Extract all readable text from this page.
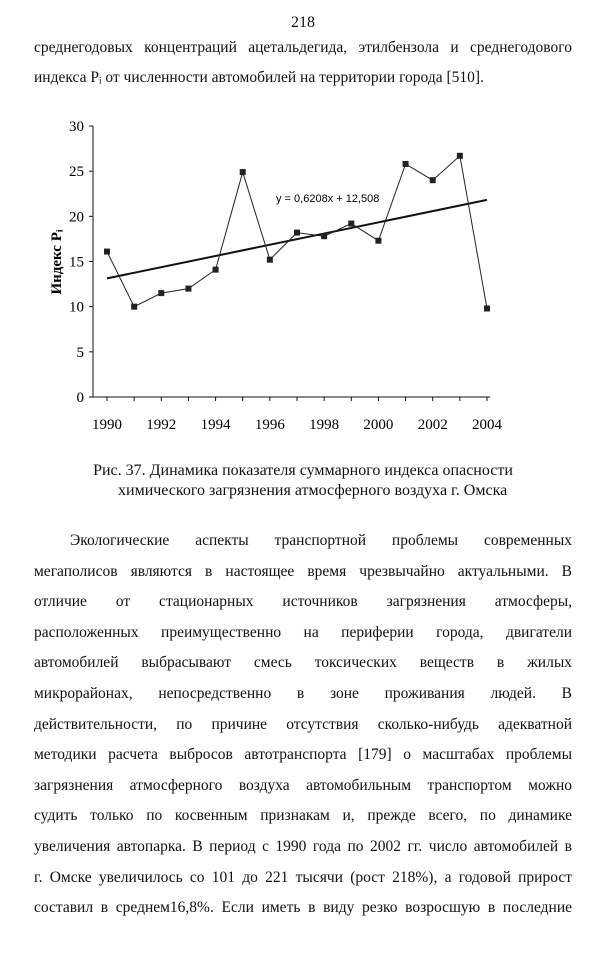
218
среднегодовых концентраций ацетальдегида, этилбензола и среднегодового
индекса Pᵢ от численности автомобилей на территории города [510].
0
5
10
15
20
25
30
1990 1992 1994 1996 1998 2000 2002 2004
y = 0,6208x + 12,508
Индекс Pᵢ
Рис. 37. Динамика показателя суммарного индекса опасности
химического загрязнения атмосферного воздуха г. Омска
Экологические аспекты транспортной проблемы современных
мегаполисов являются в настоящее время чрезвычайно актуальными. В
отличие от стационарных источников загрязнения атмосферы,
расположенных преимущественно на периферии города, двигатели
автомобилей выбрасывают смесь токсических веществ в жилых
микрорайонах, непосредственно в зоне проживания людей. В
действительности, по причине отсутствия сколько-нибудь адекватной
методики расчета выбросов автотранспорта [179] о масштабах проблемы
загрязнения атмосферного воздуха автомобильным транспортом можно
судить только по косвенным признакам и, прежде всего, по динамике
увеличения автопарка. В период с 1990 года по 2002 гг. число автомобилей в
г. Омске увеличилось со 101 до 221 тысячи (рост 218%), а годовой прирост
составил в среднем16,8%. Если иметь в виду резко возросшую в последние
